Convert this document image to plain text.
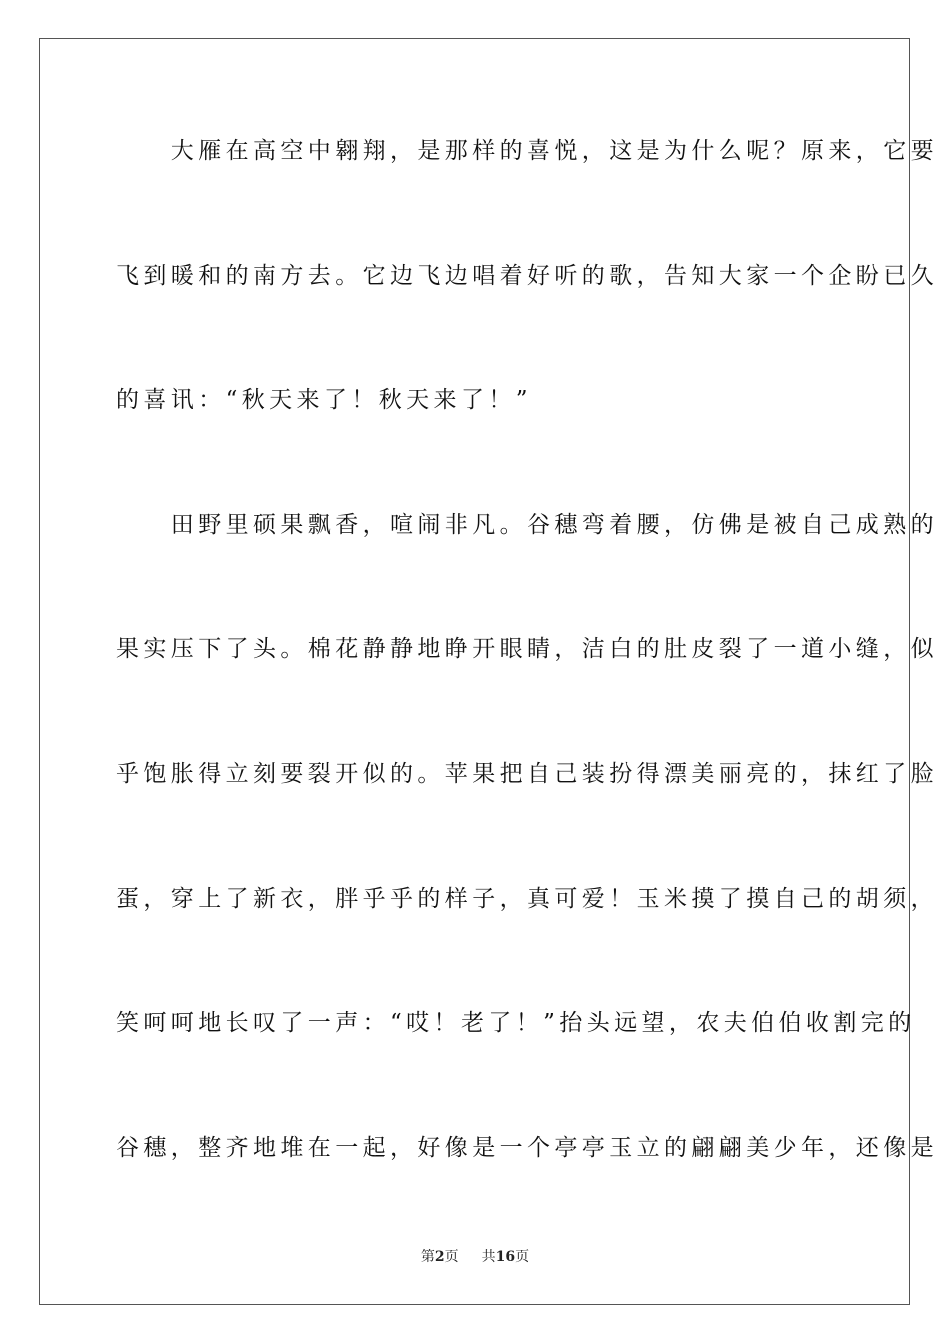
　　大雁在高空中翱翔，是那样的喜悦，这是为什么呢？原来，它要
飞到暖和的南方去。它边飞边唱着好听的歌，告知大家一个企盼已久
的喜讯：“秋天来了！秋天来了！”
　　田野里硕果飘香，喧闹非凡。谷穗弯着腰，仿佛是被自己成熟的
果实压下了头。棉花静静地睁开眼睛，洁白的肚皮裂了一道小缝，似
乎饱胀得立刻要裂开似的。苹果把自己装扮得漂美丽亮的，抹红了脸
蛋，穿上了新衣，胖乎乎的样子，真可爱！玉米摸了摸自己的胡须，
笑呵呵地长叹了一声：“哎！老了！”抬头远望，农夫伯伯收割完的
谷穗，整齐地堆在一起，好像是一个亭亭玉立的翩翩美少年，还像是
第2页 共16页
